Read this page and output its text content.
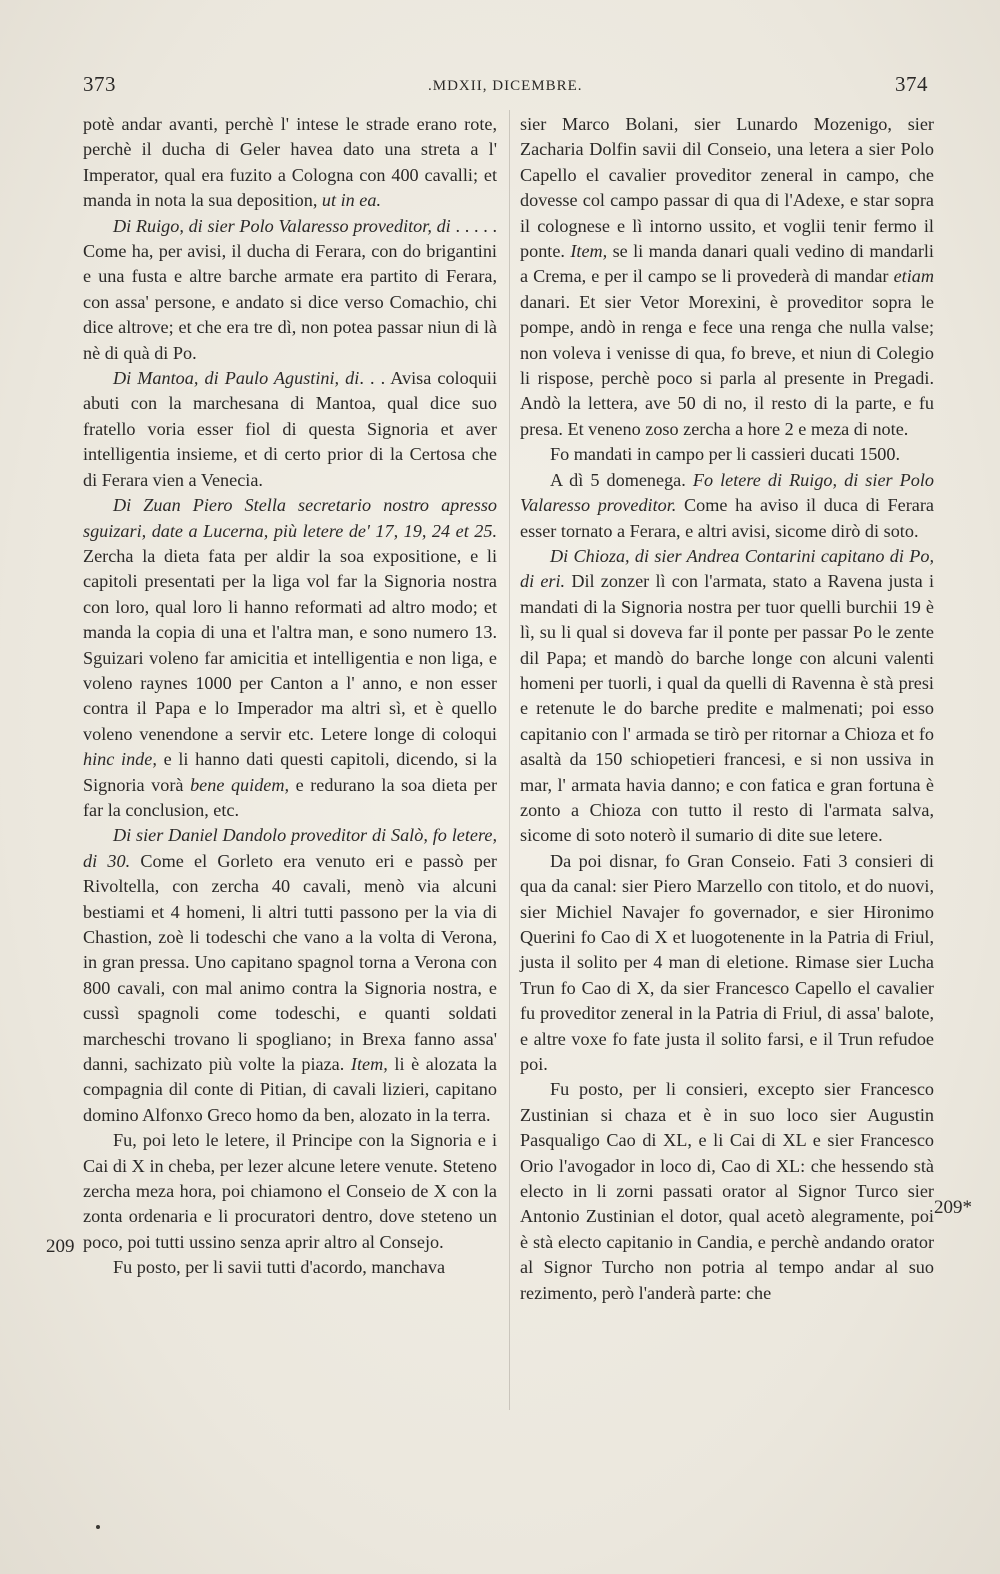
373	.MDXII, DICEMBRE.	374

potè andar avanti, perchè l' intese le strade erano rote, perchè il ducha di Geler havea dato una streta a l' Imperator, qual era fuzito a Cologna con 400 cavalli; et manda in nota la sua deposition, ut in ea.

Di Ruigo, di sier Polo Valaresso proveditor, di . . . . . Come ha, per avisi, il ducha di Ferara, con do brigantini e una fusta e altre barche armate era partito di Ferara, con assa' persone, e andato si dice verso Comachio, chi dice altrove; et che era tre dì, non potea passar niun di là nè di quà di Po.

Di Mantoa, di Paulo Agustini, di. . . Avisa coloquii abuti con la marchesana di Mantoa, qual dice suo fratello voria esser fiol di questa Signoria et aver intelligentia insieme, et di certo prior di la Certosa che di Ferara vien a Venecia.

Di Zuan Piero Stella secretario nostro apresso sguizari, date a Lucerna, più letere de' 17, 19, 24 et 25. Zercha la dieta fata per aldir la soa expositione, e li capitoli presentati per la liga vol far la Signoria nostra con loro, qual loro li hanno reformati ad altro modo; et manda la copia di una et l'altra man, e sono numero 13. Sguizari voleno far amicitia et intelligentia e non liga, e voleno raynes 1000 per Canton a l' anno, e non esser contra il Papa e lo Imperador ma altri sì, et è quello voleno venendone a servir etc. Letere longe di coloqui hinc inde, e li hanno dati questi capitoli, dicendo, si la Signoria vorà bene quidem, e redurano la soa dieta per far la conclusion, etc.

Di sier Daniel Dandolo proveditor di Salò, fo letere, di 30. Come el Gorleto era venuto eri e passò per Rivoltella, con zercha 40 cavali, menò via alcuni bestiami et 4 homeni, li altri tutti passono per la via di Chastion, zoè li todeschi che vano a la volta di Verona, in gran pressa. Uno capitano spagnol torna a Verona con 800 cavali, con mal animo contra la Signoria nostra, e cussì spagnoli come todeschi, e quanti soldati marcheschi trovano li spogliano; in Brexa fanno assa' danni, sachizato più volte la piaza. Item, li è alozata la compagnia dil conte di Pitian, di cavali lizieri, capitano domino Alfonxo Greco homo da ben, alozato in la terra.

Fu, poi leto le letere, il Principe con la Signoria e i Cai di X in cheba, per lezer alcune letere venute. Steteno zercha meza hora, poi chiamono el Conseio de X con la zonta ordenaria e li procuratori dentro, dove steteno un poco, poi tutti ussino senza aprir altro al Consejo.

Fu posto, per li savii tutti d'acordo, manchava

sier Marco Bolani, sier Lunardo Mozenigo, sier Zacharia Dolfin savii dil Conseio, una letera a sier Polo Capello el cavalier proveditor zeneral in campo, che dovesse col campo passar di qua di l'Adexe, e star sopra il colognese e lì intorno ussito, et voglii tenir fermo il ponte. Item, se li manda danari quali vedino di mandarli a Crema, e per il campo se li proveder​à di mandar etiam danari. Et sier Vetor Morexini, è proveditor sopra le pompe, andò in renga e fece una renga che nulla valse; non voleva i venisse di qua, fo breve, et niun di Colegio li rispose, perchè poco si parla al presente in Pregadi. Andò la lettera, ave 50 di no, il resto di la parte, e fu presa. Et veneno zoso zercha a hore 2 e meza di note.

Fo mandati in campo per li cassieri ducati 1500.

A dì 5 domenega. Fo letere di Ruigo, di sier Polo Valaresso proveditor. Come ha aviso il duca di Ferara esser tornato a Ferara, e altri avisi, sicome dirò di soto.

Di Chioza, di sier Andrea Contarini capitano di Po, di eri. Dil zonzer lì con l'armata, stato a Ravena justa i mandati di la Signoria nostra per tuor quelli burchii 19 è lì, su li qual si doveva far il ponte per passar Po le zente dil Papa; et mandò do barche longe con alcuni valenti homeni per tuorli, i qual da quelli di Ravenna è stà presi e retenute le do barche predite e malmenati; poi esso capitanio con l' armada se tirò per ritornar a Chioza et fo asaltà da 150 schiopetieri francesi, e si non ussiva in mar, l' armata havia danno; e con fatica e gran fortuna è zonto a Chioza con tutto il resto di l'armata salva, sicome di soto noterò il sumario di dite sue letere.

Da poi disnar, fo Gran Conseio. Fati 3 consieri di qua da canal: sier Piero Marzello con titolo, et do nuovi, sier Michiel Navajer fo governador, e sier Hironimo Querini fo Cao di X et luogotenente in la Patria di Friul, justa il solito per 4 man di eletione. Rimase sier Lucha Trun fo Cao di X, da sier Francesco Capello el cavalier fu proveditor zeneral in la Patria di Friul, di assa' balote, e altre voxe fo fate justa il solito farsi, e il Trun refudoe poi.

Fu posto, per li consieri, excepto sier Francesco Zustinian si chaza et è in suo loco sier Augustin Pasqualigo Cao di XL, e li Cai di XL e sier Francesco Orio l'avogador in loco di, Cao di XL: che hessendo stà electo in li zorni passati orator al Signor Turco sier Antonio Zustinian el dotor, qual acetò alegramente, poi è stà electo capitanio in Candia, e perchè andando orator al Signor Turcho non potria al tempo andar al suo rezimento, però l'anderà parte: che

209
209*
